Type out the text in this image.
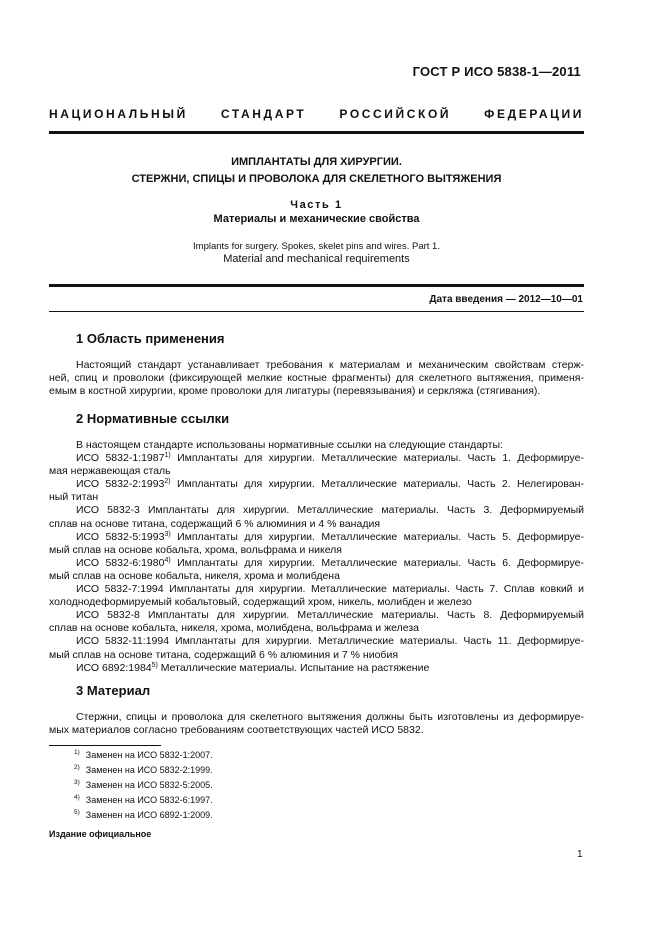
ГОСТ Р ИСО 5838-1—2011
НАЦИОНАЛЬНЫЙ СТАНДАРТ РОССИЙСКОЙ ФЕДЕРАЦИИ
ИМПЛАНТАТЫ ДЛЯ ХИРУРГИИ.
СТЕРЖНИ, СПИЦЫ И ПРОВОЛОКА ДЛЯ СКЕЛЕТНОГО ВЫТЯЖЕНИЯ
Часть 1
Материалы и механические свойства
Implants for surgery. Spokes, skelet pins and wires. Part 1.
Material and mechanical requirements
Дата введения — 2012—10—01
1 Область применения
Настоящий стандарт устанавливает требования к материалам и механическим свойствам стерж-
ней, спиц и проволоки (фиксирующей мелкие костные фрагменты) для скелетного вытяжения, применя-
емым в костной хирургии, кроме проволоки для лигатуры (перевязывания) и серкляжа (стягивания).
2 Нормативные ссылки
В настоящем стандарте использованы нормативные ссылки на следующие стандарты:
ИСО 5832-1:1987$^{1)}$ Имплантаты для хирургии. Металлические материалы. Часть 1. Деформируе-
мая нержавеющая сталь
ИСО 5832-2:1993$^{2)}$ Имплантаты для хирургии. Металлические материалы. Часть 2. Нелегирован-
ный титан
ИСО 5832-3 Имплантаты для хирургии. Металлические материалы. Часть 3. Деформируемый
сплав на основе титана, содержащий 6 % алюминия и 4 % ванадия
ИСО 5832-5:1993$^{3)}$ Имплантаты для хирургии. Металлические материалы. Часть 5. Деформируе-
мый сплав на основе кобальта, хрома, вольфрама и никеля
ИСО 5832-6:1980$^{4)}$ Имплантаты для хирургии. Металлические материалы. Часть 6. Деформируе-
мый сплав на основе кобальта, никеля, хрома и молибдена
ИСО 5832-7:1994 Имплантаты для хирургии. Металлические материалы. Часть 7. Сплав ковкий и
холоднодеформируемый кобальтовый, содержащий хром, никель, молибден и железо
ИСО 5832-8 Имплантаты для хирургии. Металлические материалы. Часть 8. Деформируемый
сплав на основе кобальта, никеля, хрома, молибдена, вольфрама и железа
ИСО 5832-11:1994 Имплантаты для хирургии. Металлические материалы. Часть 11. Деформируе-
мый сплав на основе титана, содержащий 6 % алюминия и 7 % ниобия
ИСО 6892:1984$^{5)}$ Металлические материалы. Испытание на растяжение
3 Материал
Стержни, спицы и проволока для скелетного вытяжения должны быть изготовлены из деформируе-
мых материалов согласно требованиям соответствующих частей ИСО 5832.
$^{1)}$ Заменен на ИСО 5832-1:2007.
$^{2)}$ Заменен на ИСО 5832-2:1999.
$^{3)}$ Заменен на ИСО 5832-5:2005.
$^{4)}$ Заменен на ИСО 5832-6:1997.
$^{5)}$ Заменен на ИСО 6892-1:2009.
Издание официальное
1
